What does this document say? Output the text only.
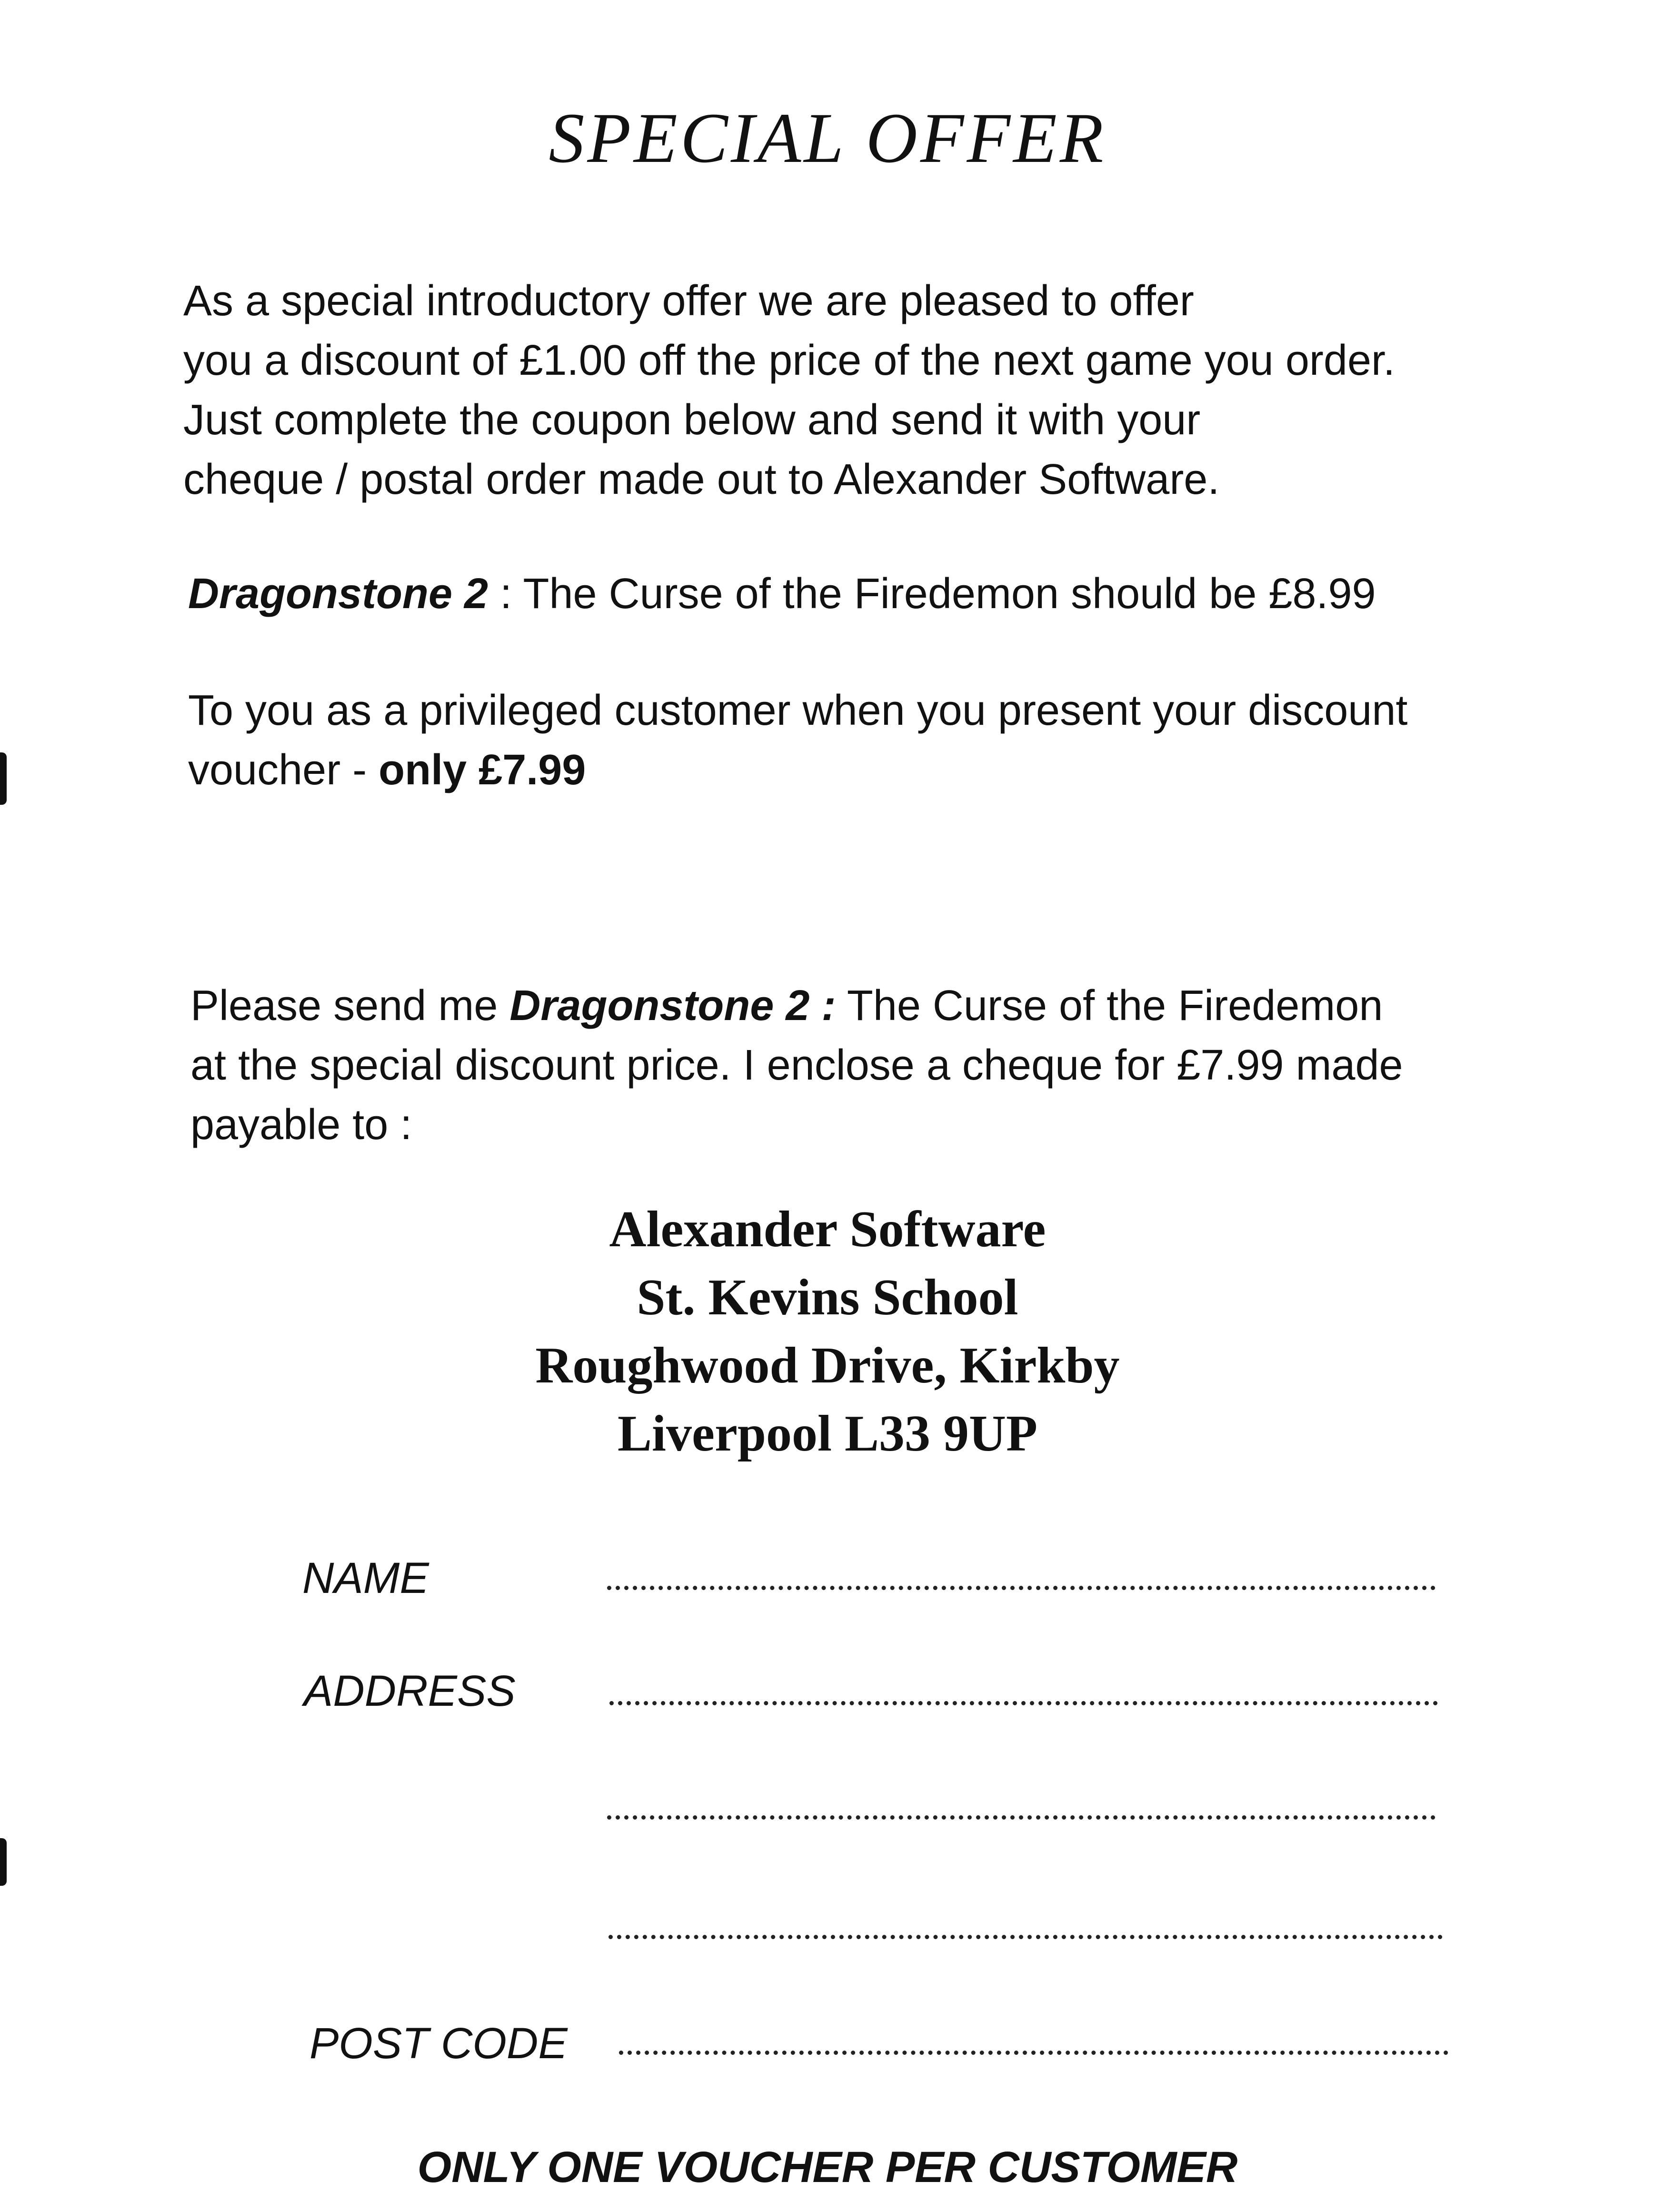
SPECIAL OFFER
As a special introductory offer we are pleased to offer
you a discount of £1.00 off the price of the next game you order.
Just complete the coupon below and send it with your
cheque / postal order made out to Alexander Software.
Dragonstone 2 : The Curse of the Firedemon should be £8.99
To you as a privileged customer when you present your discount
voucher - only £7.99
Please send me Dragonstone 2 : The Curse of the Firedemon
at the special discount price. I enclose a cheque for £7.99 made
payable to :
Alexander Software
St. Kevins School
Roughwood Drive, Kirkby
Liverpool L33 9UP
NAME
ADDRESS
POST CODE
ONLY ONE VOUCHER PER CUSTOMER
